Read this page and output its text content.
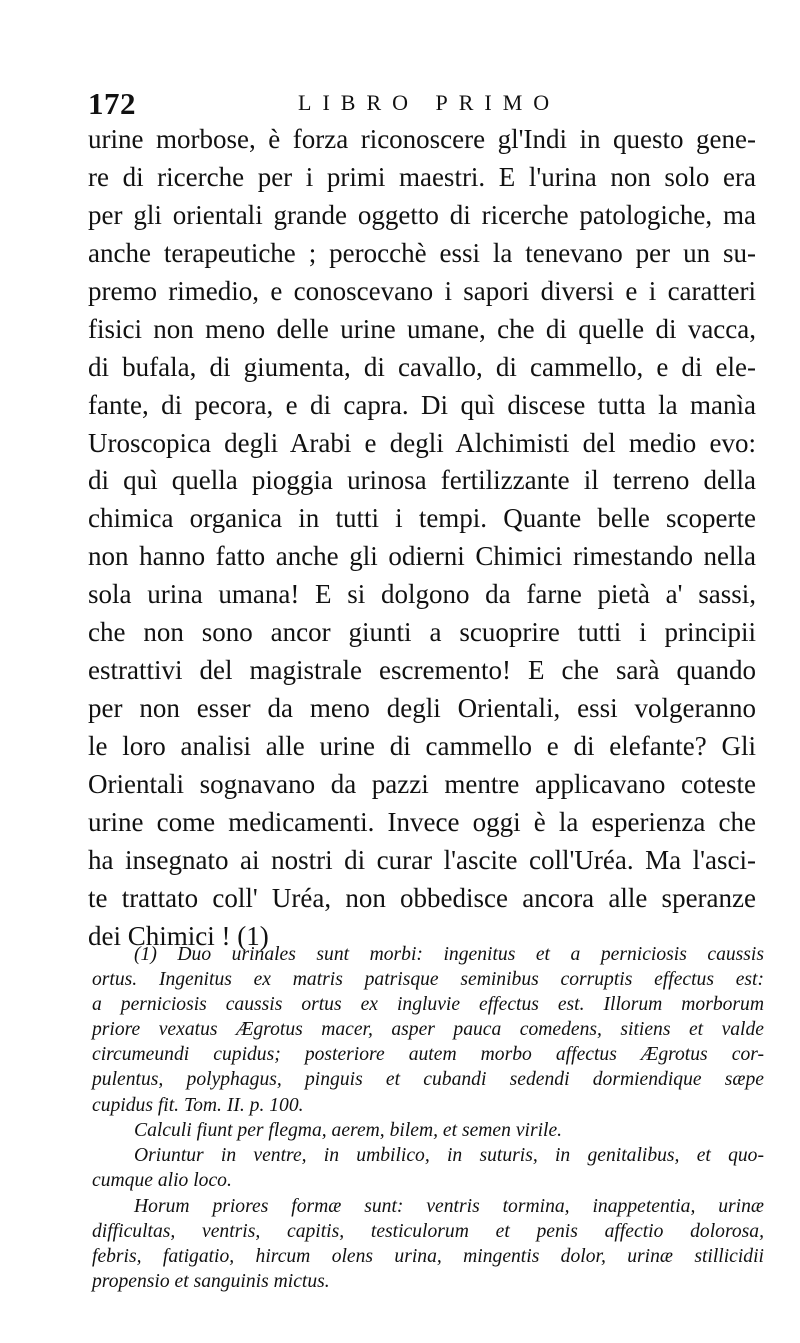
172	LIBRO PRIMO
urine morbose, è forza riconoscere gl'Indi in questo gene-
re di ricerche per i primi maestri. E l'urina non solo era
per gli orientali grande oggetto di ricerche patologiche, ma
anche terapeutiche ; perocchè essi la tenevano per un su-
premo rimedio, e conoscevano i sapori diversi e i caratteri
fisici non meno delle urine umane, che di quelle di vacca,
di bufala, di giumenta, di cavallo, di cammello, e di ele-
fante, di pecora, e di capra. Di quì discese tutta la manìa
Uroscopica degli Arabi e degli Alchimisti del medio evo:
di quì quella pioggia urinosa fertilizzante il terreno della
chimica organica in tutti i tempi. Quante belle scoperte
non hanno fatto anche gli odierni Chimici rimestando nella
sola urina umana! E si dolgono da farne pietà a' sassi,
che non sono ancor giunti a scuoprire tutti i principii
estrattivi del magistrale escremento! E che sarà quando
per non esser da meno degli Orientali, essi volgeranno
le loro analisi alle urine di cammello e di elefante? Gli
Orientali sognavano da pazzi mentre applicavano coteste
urine come medicamenti. Invece oggi è la esperienza che
ha insegnato ai nostri di curar l'ascite coll'Uréa. Ma l'asci-
te trattato coll' Uréa, non obbedisce ancora alle speranze
dei Chimici ! (1)
(1) Duo urinales sunt morbi: ingenitus et a perniciosis caussis
ortus. Ingenitus ex matris patrisque seminibus corruptis effectus est:
a perniciosis caussis ortus ex ingluvie effectus est. Illorum morborum
priore vexatus Ægrotus macer, asper pauca comedens, sitiens et valde
circumeundi cupidus; posteriore autem morbo affectus Ægrotus cor-
pulentus, polyphagus, pinguis et cubandi sedendi dormiendique sæpe
cupidus fit. Tom. II. p. 100.
Calculi fiunt per flegma, aerem, bilem, et semen virile.
Oriuntur in ventre, in umbilico, in suturis, in genitalibus, et quo-
cumque alio loco.
Horum priores formæ sunt: ventris tormina, inappetentia, urinæ
difficultas, ventris, capitis, testiculorum et penis affectio dolorosa,
febris, fatigatio, hircum olens urina, mingentis dolor, urinæ stillicidii
propensio et sanguinis mictus.
